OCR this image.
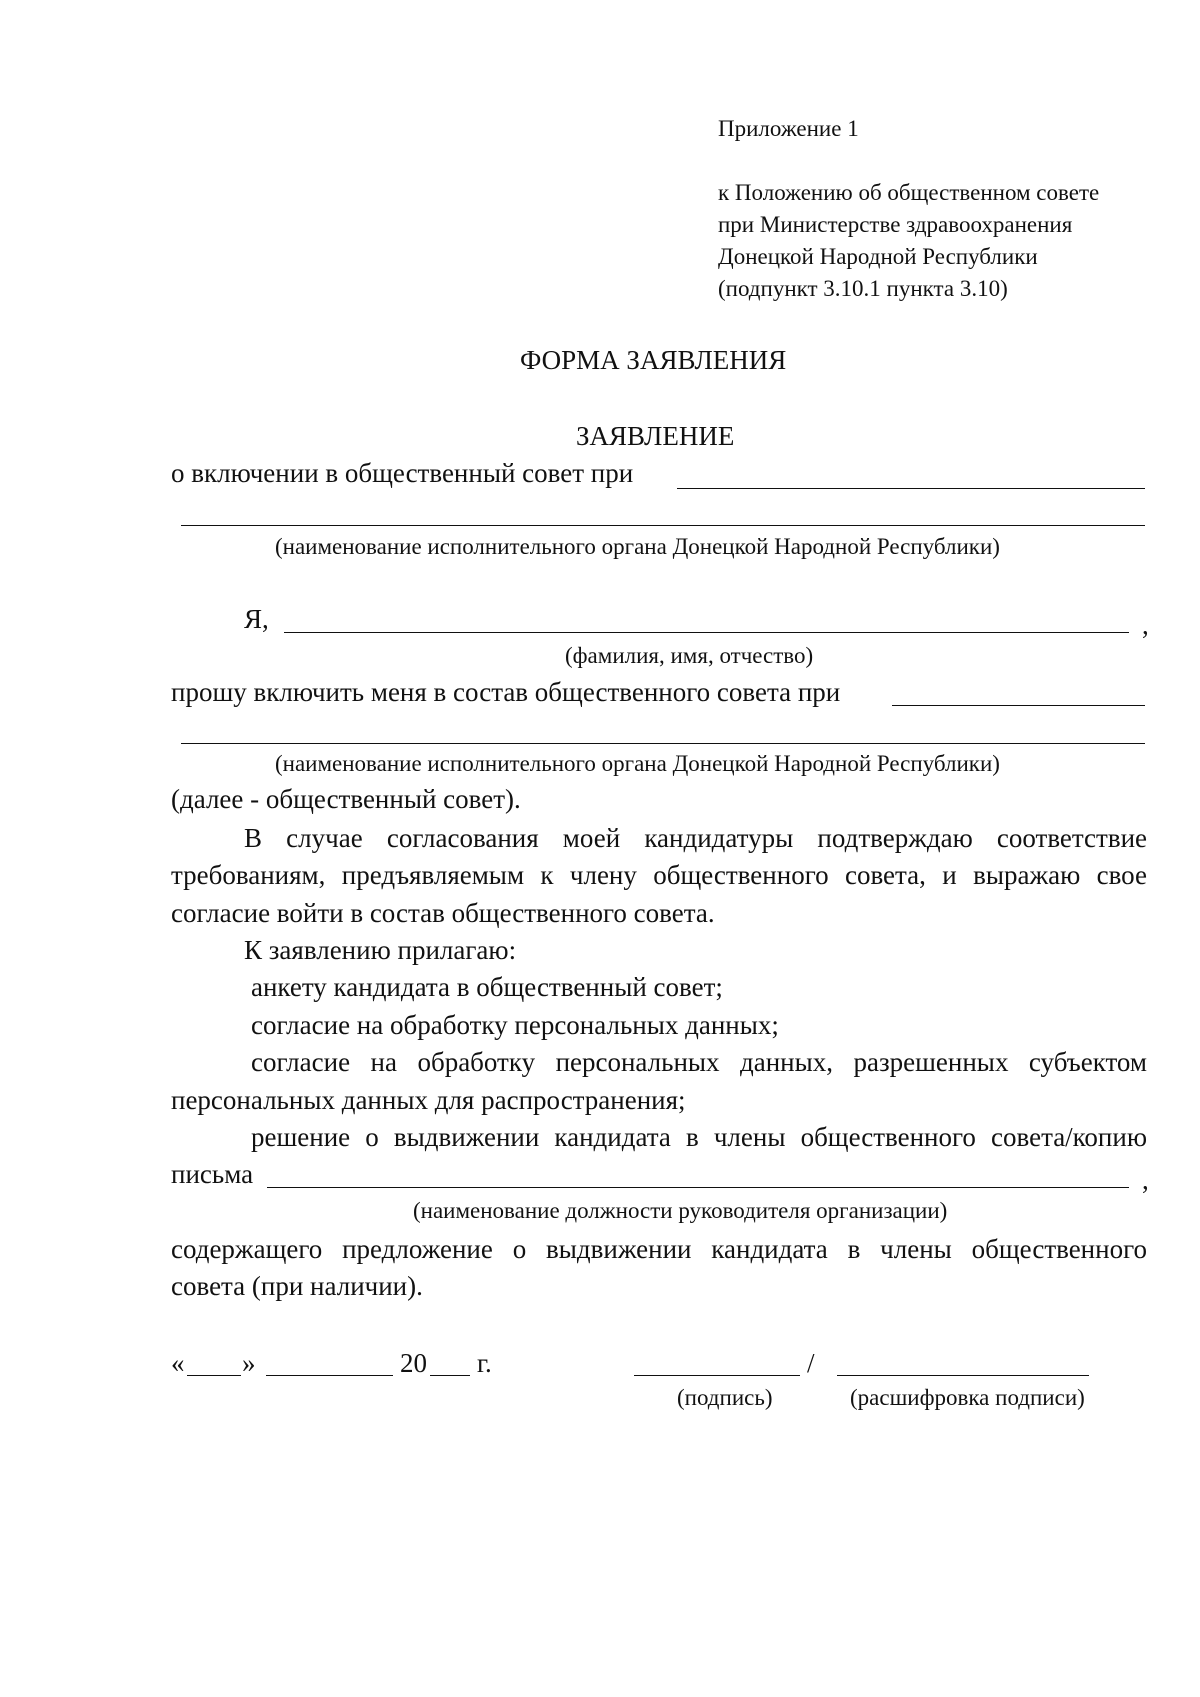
Приложение 1
к Положению об общественном совете
при Министерстве здравоохранения
Донецкой Народной Республики
(подпункт 3.10.1 пункта 3.10)
ФОРМА ЗАЯВЛЕНИЯ
ЗАЯВЛЕНИЕ
о включении в общественный совет при
(наименование исполнительного органа Донецкой Народной Республики)
Я,	,
(фамилия, имя, отчество)
прошу включить меня в состав общественного совета при
(наименование исполнительного органа Донецкой Народной Республики)
(далее - общественный совет).
В случае согласования моей кандидатуры подтверждаю соответствие
требованиям, предъявляемым к члену общественного совета, и выражаю свое
согласие войти в состав общественного совета.
К заявлению прилагаю:
анкету кандидата в общественный совет;
согласие на обработку персональных данных;
согласие на обработку персональных данных, разрешенных субъектом
персональных данных для распространения;
решение о выдвижении кандидата в члены общественного совета/копию
письма	,
(наименование должности руководителя организации)
содержащего предложение о выдвижении кандидата в члены общественного
совета (при наличии).
« »	20 г.	/
(подпись)	(расшифровка подписи)
